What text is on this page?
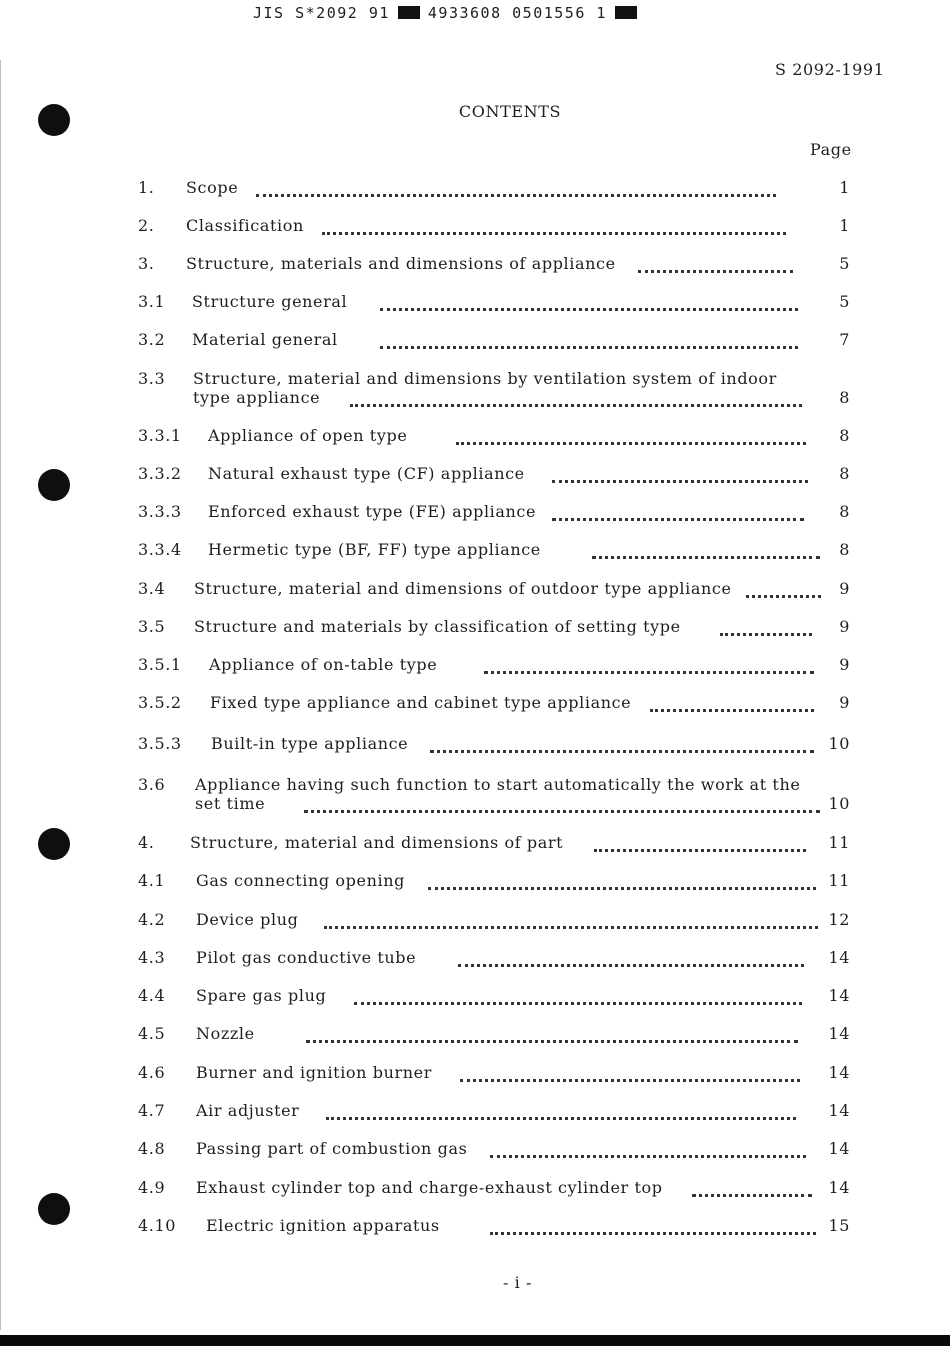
JIS S*2092 91	4933608 0501556 1
S 2092-1991
CONTENTS
Page
1. Scope	1
2. Classification	1
3. Structure, materials and dimensions of appliance	5
3.1 Structure general	5
3.2 Material general	7
3.3 Structure, material and dimensions by ventilation system of indoor
type appliance	8
3.3.1 Appliance of open type	8
3.3.2 Natural exhaust type (CF) appliance	8
3.3.3 Enforced exhaust type (FE) appliance	8
3.3.4 Hermetic type (BF, FF) type appliance	8
3.4 Structure, material and dimensions of outdoor type appliance	9
3.5 Structure and materials by classification of setting type	9
3.5.1 Appliance of on-table type	9
3.5.2 Fixed type appliance and cabinet type appliance	9
3.5.3 Built-in type appliance	10
3.6 Appliance having such function to start automatically the work at the
set time	10
4. Structure, material and dimensions of part	11
4.1 Gas connecting opening	11
4.2 Device plug	12
4.3 Pilot gas conductive tube	14
4.4 Spare gas plug	14
4.5 Nozzle	14
4.6 Burner and ignition burner	14
4.7 Air adjuster	14
4.8 Passing part of combustion gas	14
4.9 Exhaust cylinder top and charge-exhaust cylinder top	14
4.10 Electric ignition apparatus	15
- i -
